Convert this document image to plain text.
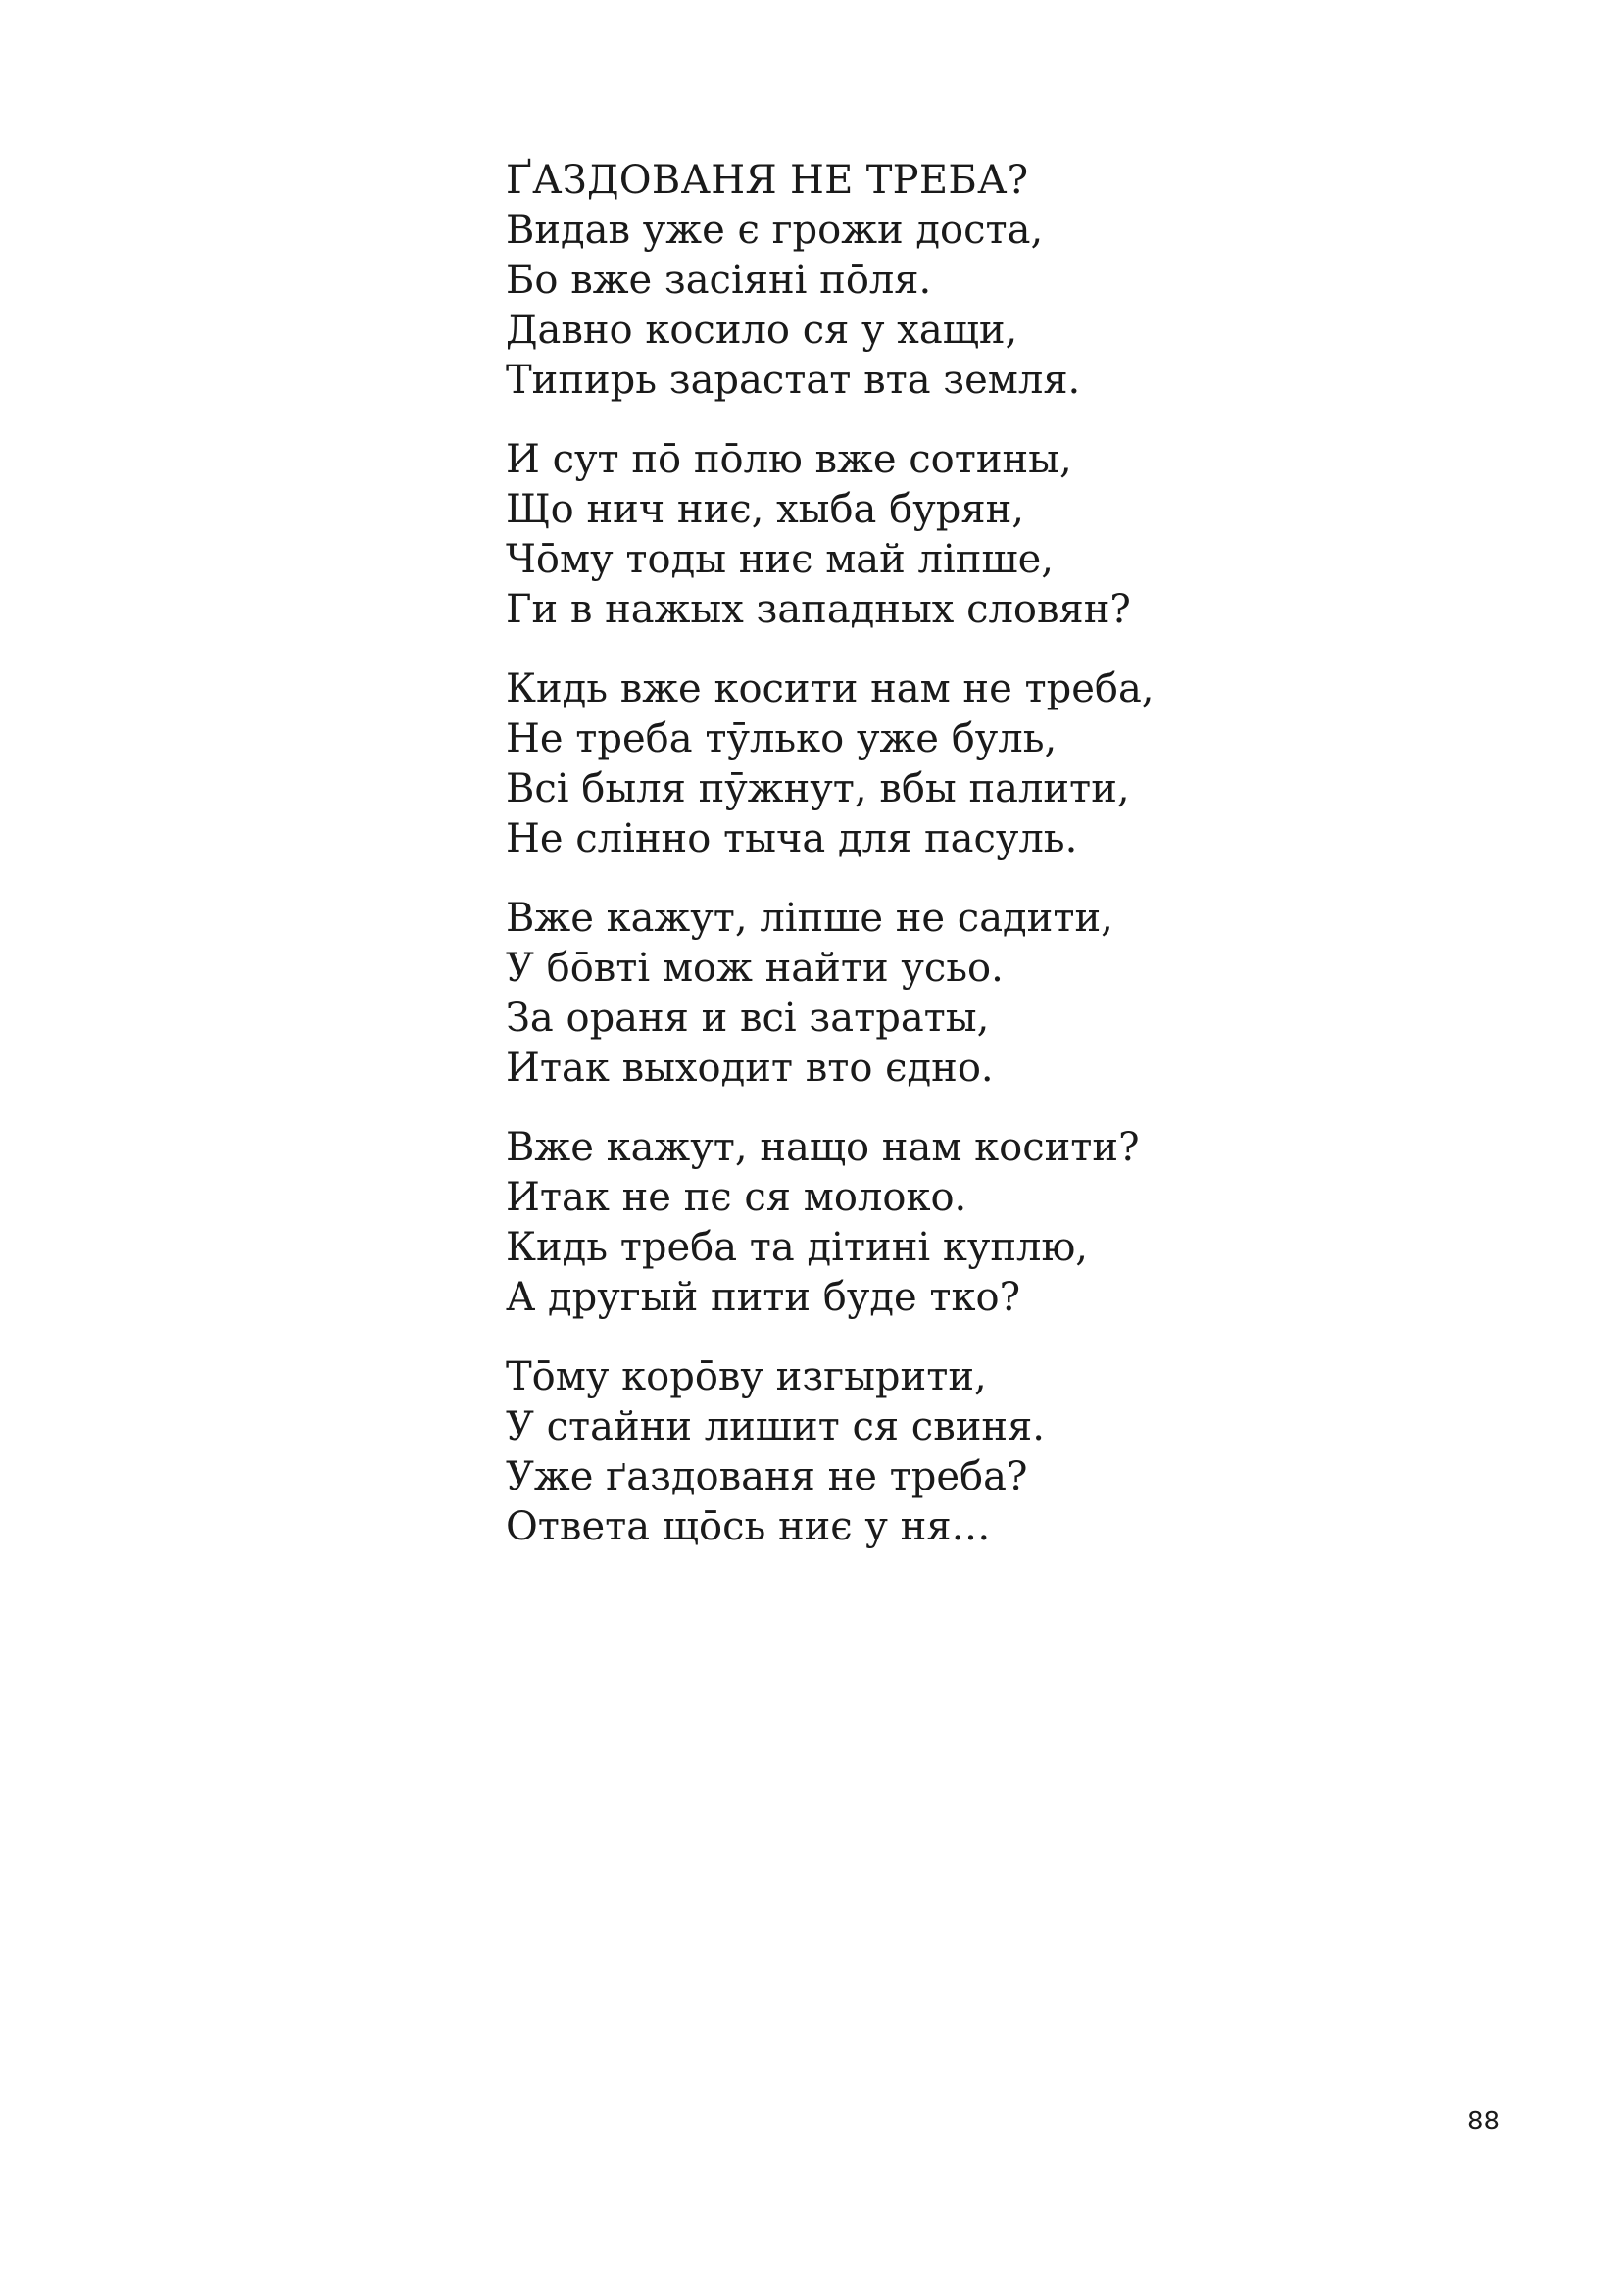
ҐАЗДОВАНЯ НЕ ТРЕБА?
Видав уже є грожи доста,
Бо вже засіяні по̄ля.
Давно косило ся у хащи,
Типирь зарастат вта земля.
И сут по̄ по̄лю вже сотины,
Що нич ниє, хыба бурян,
Чо̄му тоды ниє май ліпше,
Ги в нажых западных словян?
Кидь вже косити нам не треба,
Не треба тӯлько уже буль,
Всі быля пӯжнут, вбы палити,
Не слінно тыча для пасуль.
Вже кажут, ліпше не садити,
У бо̄вті мож найти усьо.
За ораня и всі затраты,
Итак выходит вто єдно.
Вже кажут, нащо нам косити?
Итак не пє ся молоко.
Кидь треба та дітині куплю,
А другый пити буде тко?
То̄му коро̄ву изгырити,
У стайни лишит ся свиня.
Уже ґаздованя не треба?
Ответа що̄сь ниє у ня…
88
